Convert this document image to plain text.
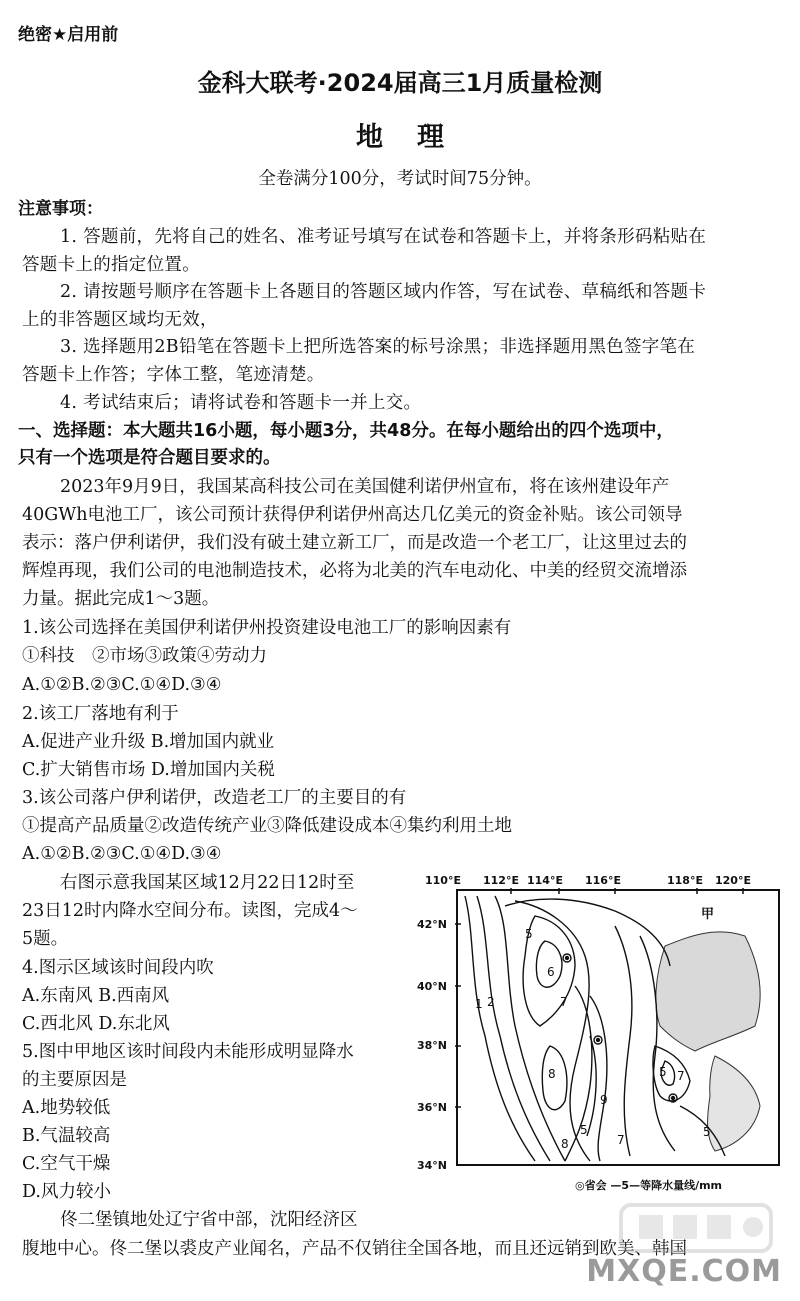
绝密★启用前
金科大联考·2024届高三1月质量检测
地理
全卷满分100分，考试时间75分钟。
注意事项：
1. 答题前，先将自己的姓名、准考证号填写在试卷和答题卡上，并将条形码粘贴在
答题卡上的指定位置。
2. 请按题号顺序在答题卡上各题目的答题区域内作答，写在试卷、草稿纸和答题卡
上的非答题区域均无效，
3. 选择题用2B铅笔在答题卡上把所选答案的标号涂黑；非选择题用黑色签字笔在
答题卡上作答；字体工整，笔迹清楚。
4. 考试结束后；请将试卷和答题卡一并上交。
一、选择题：本大题共16小题，每小题3分，共48分。在每小题给出的四个选项中，
只有一个选项是符合题目要求的。
2023年9月9日，我国某高科技公司在美国健利诺伊州宣布，将在该州建设年产
40GWh电池工厂，该公司预计获得伊利诺伊州高达几亿美元的资金补贴。该公司领导
表示：落户伊利诺伊，我们没有破土建立新工厂，而是改造一个老工厂，让这里过去的
辉煌再现，我们公司的电池制造技术，必将为北美的汽车电动化、中美的经贸交流增添
力量。据此完成1～3题。
1.该公司选择在美国伊利诺伊州投资建设电池工厂的影响因素有
①科技　②市场③政策④劳动力
A.①②B.②③C.①④D.③④
2.该工厂落地有利于
A.促进产业升级 B.增加国内就业
C.扩大销售市场 D.增加国内关税
3.该公司落户伊利诺伊，改造老工厂的主要目的有
①提高产品质量②改造传统产业③降低建设成本④集约利用土地
A.①②B.②③C.①④D.③④
右图示意我国某区域12月22日12时至
23日12时内降水空间分布。读图，完成4～
5题。
4.图示区域该时间段内吹
A.东南风 B.西南风
C.西北风 D.东北风
5.图中甲地区该时间段内未能形成明显降水
的主要原因是
A.地势较低
B.气温较高
C.空气干燥
D.风力较小
佟二堡镇地处辽宁省中部，沈阳经济区
腹地中心。佟二堡以裘皮产业闻名，产品不仅销往全国各地，而且还远销到欧美、韩国
110°E 112°E 114°E 116°E	118°E 120°E
42°N
40°N
38°N
36°N
34°N
甲
5
1 2
6
7
8
9
5
7
8
5 7
5
◎省会 —5—等降水量线/mm
MXQE.COM
